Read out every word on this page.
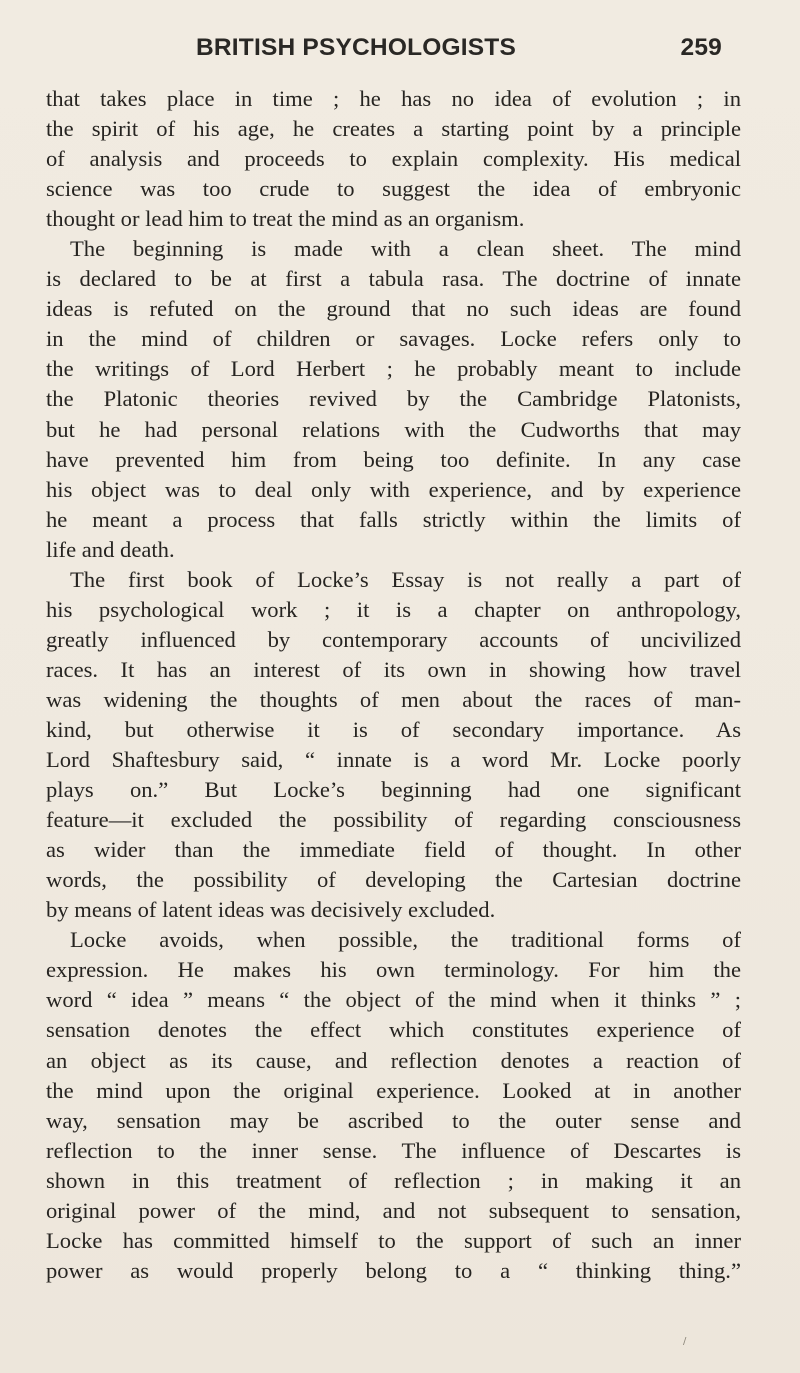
BRITISH PSYCHOLOGISTS	259
that takes place in time ; he has no idea of evolution ; in
the spirit of his age, he creates a starting point by a principle
of analysis and proceeds to explain complexity. His medical
science was too crude to suggest the idea of embryonic
thought or lead him to treat the mind as an organism.
The beginning is made with a clean sheet. The mind
is declared to be at first a tabula rasa. The doctrine of innate
ideas is refuted on the ground that no such ideas are found
in the mind of children or savages. Locke refers only to
the writings of Lord Herbert ; he probably meant to include
the Platonic theories revived by the Cambridge Platonists,
but he had personal relations with the Cudworths that may
have prevented him from being too definite. In any case
his object was to deal only with experience, and by experience
he meant a process that falls strictly within the limits of
life and death.
The first book of Locke’s Essay is not really a part of
his psychological work ; it is a chapter on anthropology,
greatly influenced by contemporary accounts of uncivilized
races. It has an interest of its own in showing how travel
was widening the thoughts of men about the races of man-
kind, but otherwise it is of secondary importance. As
Lord Shaftesbury said, “ innate is a word Mr. Locke poorly
plays on.” But Locke’s beginning had one significant
feature—it excluded the possibility of regarding consciousness
as wider than the immediate field of thought. In other
words, the possibility of developing the Cartesian doctrine
by means of latent ideas was decisively excluded.
Locke avoids, when possible, the traditional forms of
expression. He makes his own terminology. For him the
word “ idea ” means “ the object of the mind when it thinks ” ;
sensation denotes the effect which constitutes experience of
an object as its cause, and reflection denotes a reaction of
the mind upon the original experience. Looked at in another
way, sensation may be ascribed to the outer sense and
reflection to the inner sense. The influence of Descartes is
shown in this treatment of reflection ; in making it an
original power of the mind, and not subsequent to sensation,
Locke has committed himself to the support of such an inner
power as would properly belong to a “ thinking thing.”
/
